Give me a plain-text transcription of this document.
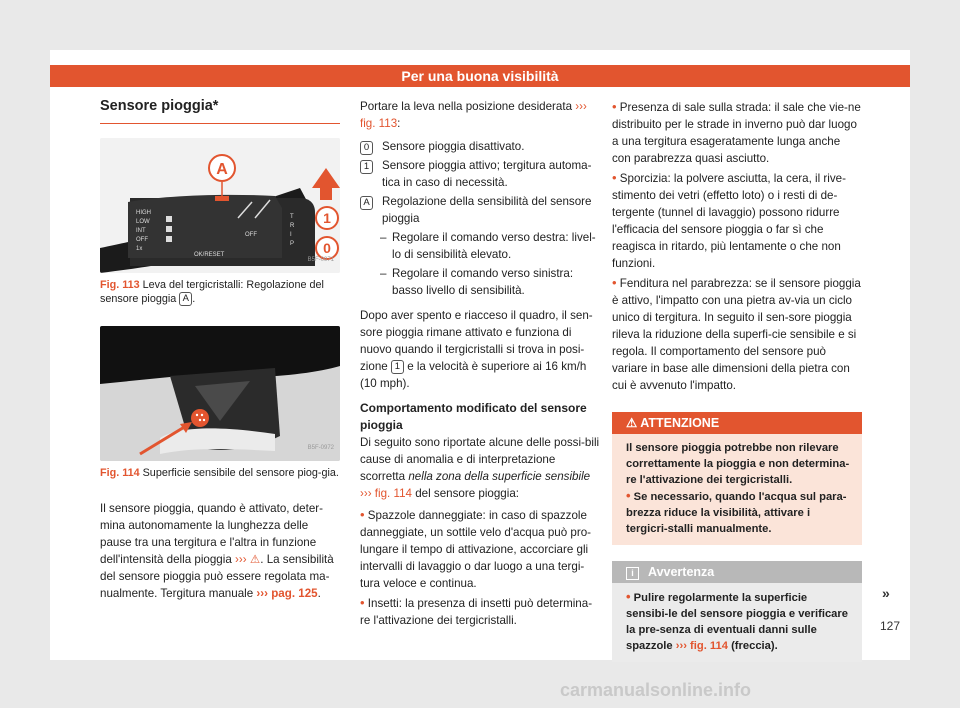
Per una buona visibilità
Sensore pioggia*
A
1
0
HIGH
LOW
INT
OFF
1x
OFF
OK/RESET
T
R
I
P
B5F-0971
Fig. 113 Leva del tergicristalli: Regolazione del sensore pioggia A .
B5F-0972
Fig. 114 Superficie sensibile del sensore piog-gia.

Il sensore pioggia, quando è attivato, deter-mina autonomamente la lunghezza delle pause tra una tergitura e l'altra in funzione dell'intensità della pioggia ››› ⚠. La sensibilità del sensore pioggia può essere regolata ma-nualmente. Tergitura manuale ››› pag. 125.

Portare la leva nella posizione desiderata ››› fig. 113:

0	Sensore pioggia disattivato.
1	Sensore pioggia attivo; tergitura automa-tica in caso di necessità.
A Regolazione della sensibilità del sensore pioggia
– Regolare il comando verso destra: livel-lo di sensibilità elevato.
– Regolare il comando verso sinistra: basso livello di sensibilità.

Dopo aver spento e riacceso il quadro, il sen-sore pioggia rimane attivato e funziona di nuovo quando il tergicristalli si trova in posi-zione 1 e la velocità è superiore ai 16 km/h (10 mph).

Comportamento modificato del sensore pioggia

Di seguito sono riportate alcune delle possi-bili cause di anomalia e di interpretazione scorretta nella zona della superficie sensibile ››› fig. 114 del sensore pioggia:

• Spazzole danneggiate: in caso di spazzole danneggiate, un sottile velo d'acqua può pro-lungare il tempo di attivazione, accorciare gli intervalli di lavaggio o dar luogo a una tergi-tura veloce e continua.

• Insetti: la presenza di insetti può determina-re l'attivazione dei tergicristalli.

• Presenza di sale sulla strada: il sale che vie-ne distribuito per le strade in inverno può dar luogo a una tergitura esageratamente lunga anche con parabrezza quasi asciutto.

• Sporcizia: la polvere asciutta, la cera, il rive-stimento dei vetri (effetto loto) o i resti di de-tergente (tunnel di lavaggio) possono ridurre l'efficacia del sensore pioggia o far sì che reagisca in ritardo, più lentamente o che non funzioni.

• Fenditura nel parabrezza: se il sensore pioggia è attivo, l'impatto con una pietra av-via un ciclo unico di tergitura. In seguito il sen-sore pioggia rileva la riduzione della superfi-cie sensibile e si regola. Il comportamento del sensore può variare in base alle dimensioni della pietra con cui è avvenuto l'impatto.

⚠ ATTENZIONE
Il sensore pioggia potrebbe non rilevare correttamente la pioggia e non determina-re l'attivazione dei tergicristalli.
• Se necessario, quando l'acqua sul para-brezza riduce la visibilità, attivare i tergicri-stalli manualmente.
i Avvertenza
• Pulire regolarmente la superficie sensibi-le del sensore pioggia e verificare la pre-senza di eventuali danni sulle spazzole ››› fig. 114 (freccia).
»
127
carmanualsonline.info
